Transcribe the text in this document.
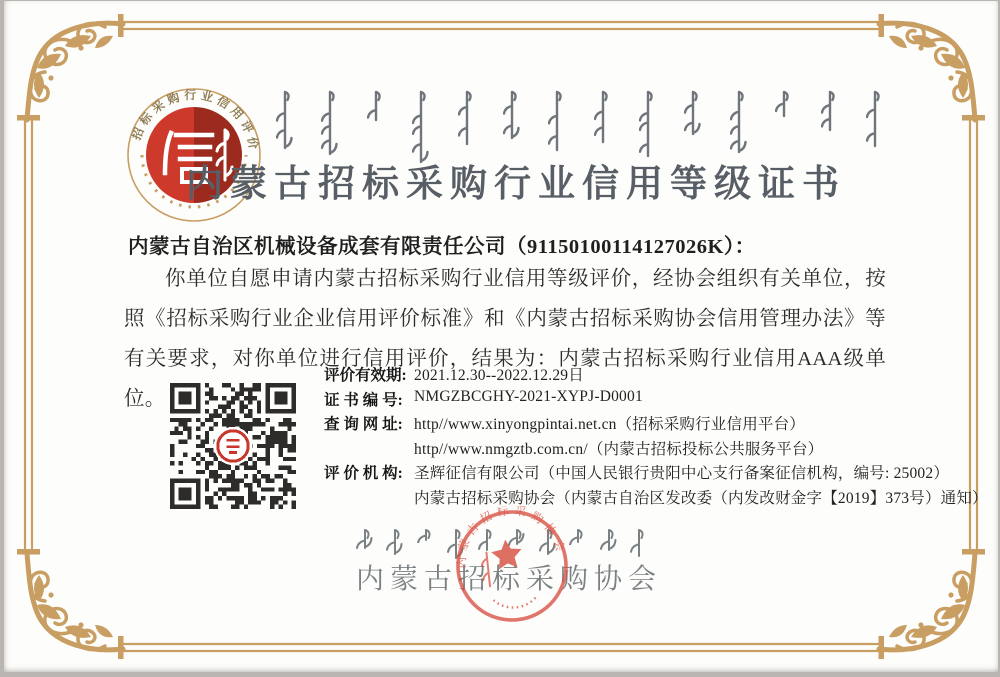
招标采购行业信用评价
内蒙古招标采购行业信用等级证书
内蒙古自治区机械设备成套有限责任公司（91150100114127026K）：
你单位自愿申请内蒙古招标采购行业信用等级评价，经协会组织有关单位，按照《招标采购行业企业信用评价标准》和《内蒙古招标采购协会信用管理办法》等有关要求，对你单位进行信用评价，结果为：内蒙古招标采购行业信用AAA级单位。
评价有效期: 2021.12.30--2022.12.29日
证 书 编 号: NMGZBCGHY-2021-XYPJ-D0001
查 询 网 址: http//www.xinyongpintai.net.cn（招标采购行业信用平台）
http//www.nmgztb.com.cn/（内蒙古招标投标公共服务平台）
评 价 机 构: 圣辉征信有限公司（中国人民银行贵阳中心支行备案征信机构，编号: 25002）
内蒙古招标采购协会（内蒙古自治区发改委（内发改财金字【2019】373号）通知）
内蒙古招标采购协会
内蒙古招标采购协会
